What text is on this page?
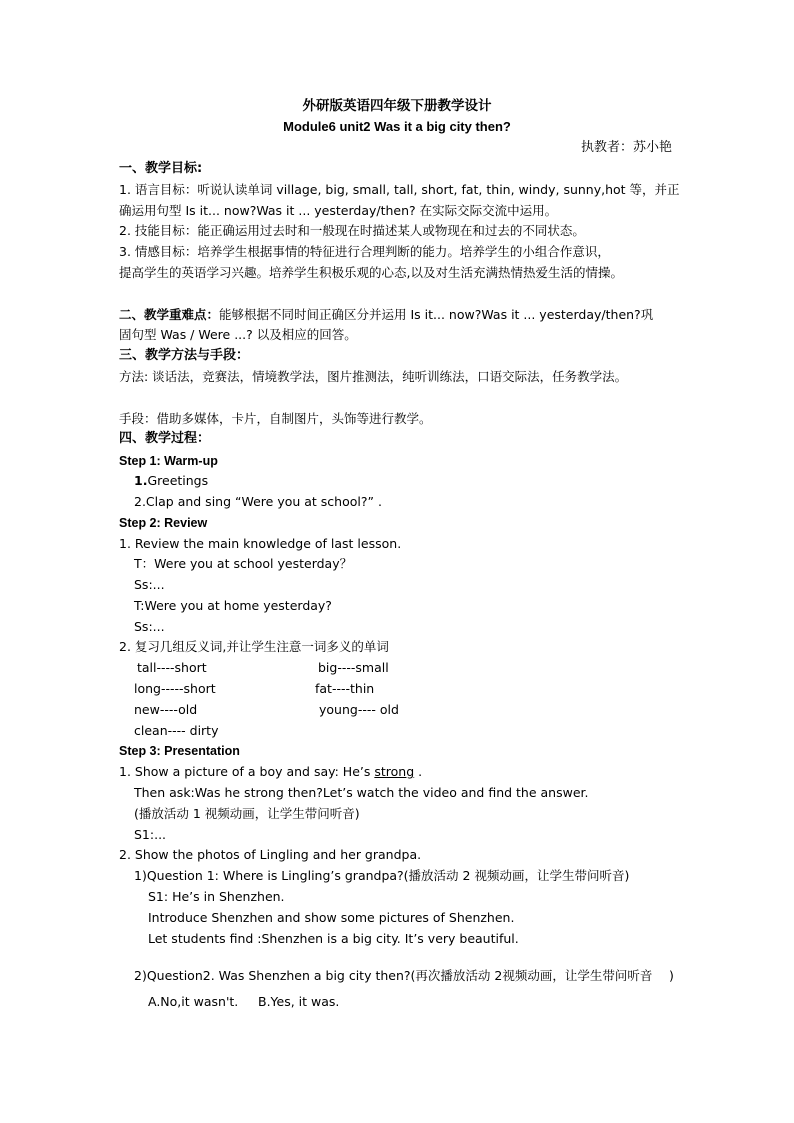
外研版英语四年级下册教学设计
Module6 unit2 Was it a big city then?
执教者：苏小艳
一、教学目标:
1. 语言目标：听说认读单词 village, big, small, tall, short, fat, thin, windy, sunny,hot 等，并正
确运用句型 Is it... now?Was it ... yesterday/then? 在实际交际交流中运用。
2. 技能目标：能正确运用过去时和一般现在时描述某人或物现在和过去的不同状态。
3. 情感目标：培养学生根据事情的特征进行合理判断的能力。培养学生的小组合作意识，
提高学生的英语学习兴趣。培养学生积极乐观的心态,以及对生活充满热情热爱生活的情操。
二、教学重难点：能够根据不同时间正确区分并运用 Is it... now?Was it ... yesterday/then?巩
固句型 Was / Were ...? 以及相应的回答。
三、教学方法与手段：
方法: 谈话法，竞赛法，情境教学法，图片推测法，纯听训练法，口语交际法，任务教学法。
手段：借助多媒体，卡片，自制图片，头饰等进行教学。
四、教学过程：
Step 1: Warm-up
1.Greetings
2.Clap and sing “Were you at school?” .
Step 2: Review
1. Review the main knowledge of last lesson.
T：Were you at school yesterday？
Ss:...
T:Were you at home yesterday?
Ss:...
2. 复习几组反义词,并让学生注意一词多义的单词
tall----short	big----small
long-----short	fat----thin
new----old	young---- old
clean---- dirty
Step 3: Presentation
1. Show a picture of a boy and say: He’s strong .
Then ask:Was he strong then?Let’s watch the video and find the answer.
(播放活动 1 视频动画，让学生带问听音)
S1:...
2. Show the photos of Lingling and her grandpa.
1)Question 1: Where is Lingling’s grandpa?(播放活动 2 视频动画，让学生带问听音)
S1: He’s in Shenzhen.
Introduce Shenzhen and show some pictures of Shenzhen.
Let students find :Shenzhen is a big city. It’s very beautiful.
2)Question2. Was Shenzhen a big city then?(再次播放活动 2视频动画，让学生带问听音 )
A.No,it wasn't. B.Yes, it was.
